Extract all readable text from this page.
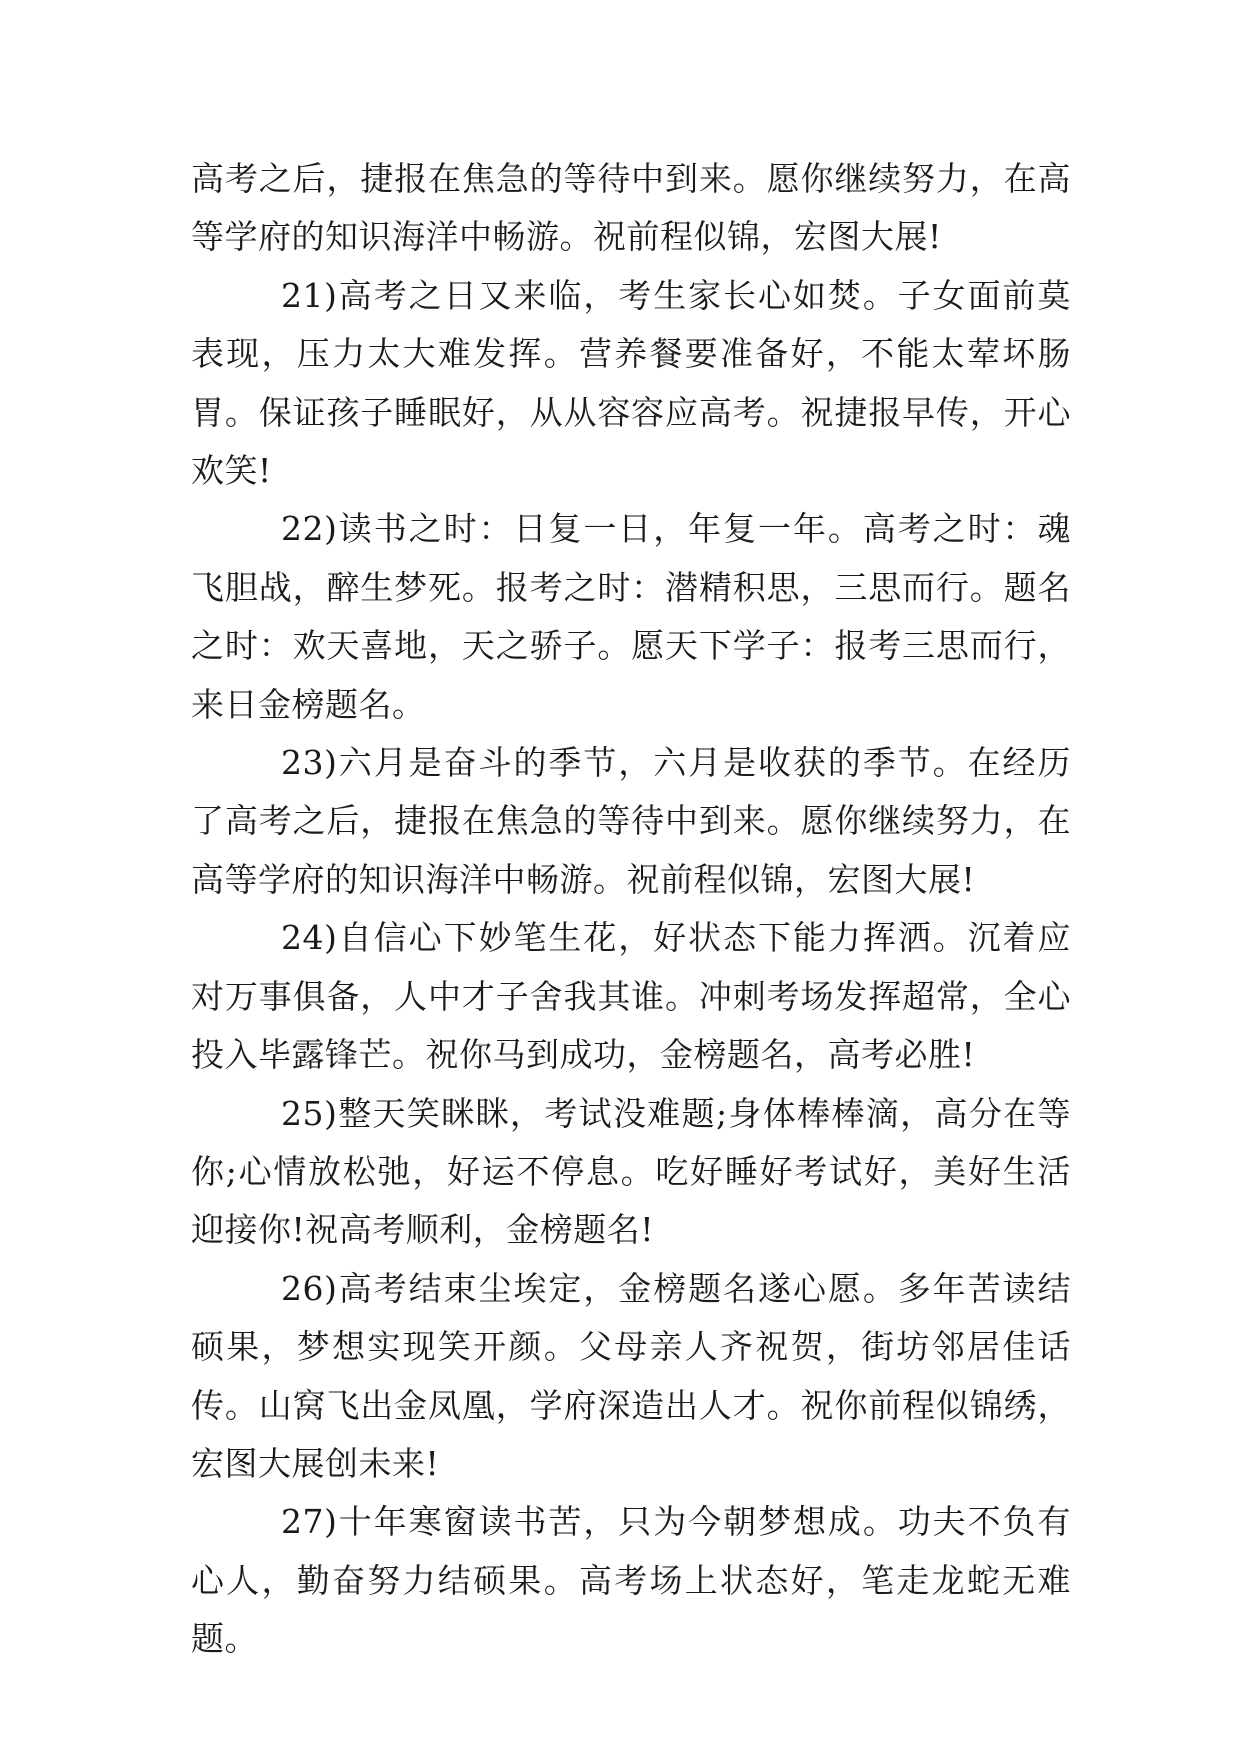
高考之后，捷报在焦急的等待中到来。愿你继续努力，在高等学府的知识海洋中畅游。祝前程似锦，宏图大展!

21)高考之日又来临，考生家长心如焚。子女面前莫表现，压力太大难发挥。营养餐要准备好，不能太荤坏肠胃。保证孩子睡眠好，从从容容应高考。祝捷报早传，开心欢笑!

22)读书之时：日复一日，年复一年。高考之时：魂飞胆战，醉生梦死。报考之时：潜精积思，三思而行。题名之时：欢天喜地，天之骄子。愿天下学子：报考三思而行，来日金榜题名。

23)六月是奋斗的季节，六月是收获的季节。在经历了高考之后，捷报在焦急的等待中到来。愿你继续努力，在高等学府的知识海洋中畅游。祝前程似锦，宏图大展!

24)自信心下妙笔生花，好状态下能力挥洒。沉着应对万事俱备，人中才子舍我其谁。冲刺考场发挥超常，全心投入毕露锋芒。祝你马到成功，金榜题名，高考必胜!

25)整天笑眯眯，考试没难题;身体棒棒滴，高分在等你;心情放松弛，好运不停息。吃好睡好考试好，美好生活迎接你!祝高考顺利，金榜题名!

26)高考结束尘埃定，金榜题名遂心愿。多年苦读结硕果，梦想实现笑开颜。父母亲人齐祝贺，街坊邻居佳话传。山窝飞出金凤凰，学府深造出人才。祝你前程似锦绣，宏图大展创未来!

27)十年寒窗读书苦，只为今朝梦想成。功夫不负有心人，勤奋努力结硕果。高考场上状态好，笔走龙蛇无难题。
